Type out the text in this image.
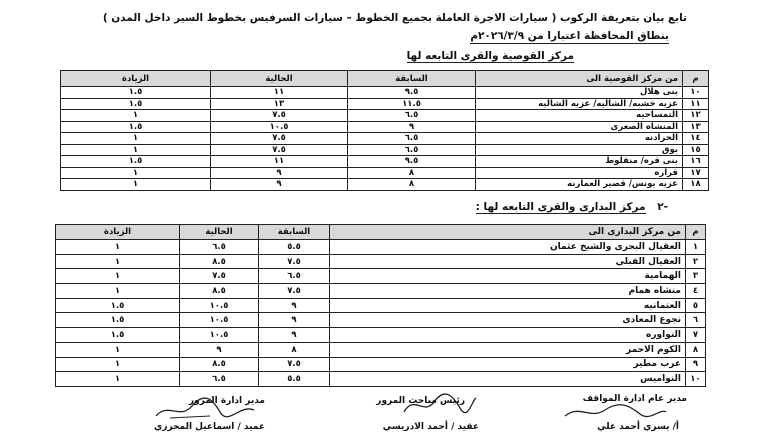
تابع بيان بتعريفة الركوب ( سيارات الاجرة العاملة بجميع الخطوط – سيارات السرفيس بخطوط السير داخل المدن )
بنطاق المحافظة اعتبارا من ٢٠٢٦/٣/٩م
مركز القوصية والقرى التابعه لها
م	من مركز القوصية الى	السابقة	الحالية	الزيادة
١٠	بنى هلال	٩.٥	١١	١.٥
١١	عزبه خشبه/ الشاليه/ عزبه الشاليه	١١.٥	١٣	١.٥
١٢	التمساحيه	٦.٥	٧.٥	١
١٣	المنشاه الصغرى	٩	١٠.٥	١.٥
١٤	الحرادنه	٦.٥	٧.٥	١
١٥	بوق	٦.٥	٧.٥	١
١٦	بنى قره/ منقلوط	٩.٥	١١	١.٥
١٧	قراره	٨	٩	١
١٨	عزبه يونس/ قصير العمارنه	٨	٩	١
-٢ مركز البدارى والقرى التابعه لها :
م	من مركز البدارى الى	السابقة	الحالية	الزيادة
١	العقيال البحرى والشيخ عثمان	٥.٥	٦.٥	١
٢	العقيال القبلي	٧.٥	٨.٥	١
٣	الهمامية	٦.٥	٧.٥	١
٤	منشاه همام	٧.٥	٨.٥	١
٥	العتمانيه	٩	١٠.٥	١.٥
٦	نجوع المعادى	٩	١٠.٥	١.٥
٧	النواوره	٩	١٠.٥	١.٥
٨	الكوم الاحمر	٨	٩	١
٩	عرب مطير	٧.٥	٨.٥	١
١٠	النواميس	٥.٥	٦.٥	١
مدير عام ادارة المواقف
أ/ يسري أحمد علي
رئيس مباحث المرور
عقيد / أحمد الادريسي
مدير ادارة المرور
عميد / اسماعيل المحرزي
